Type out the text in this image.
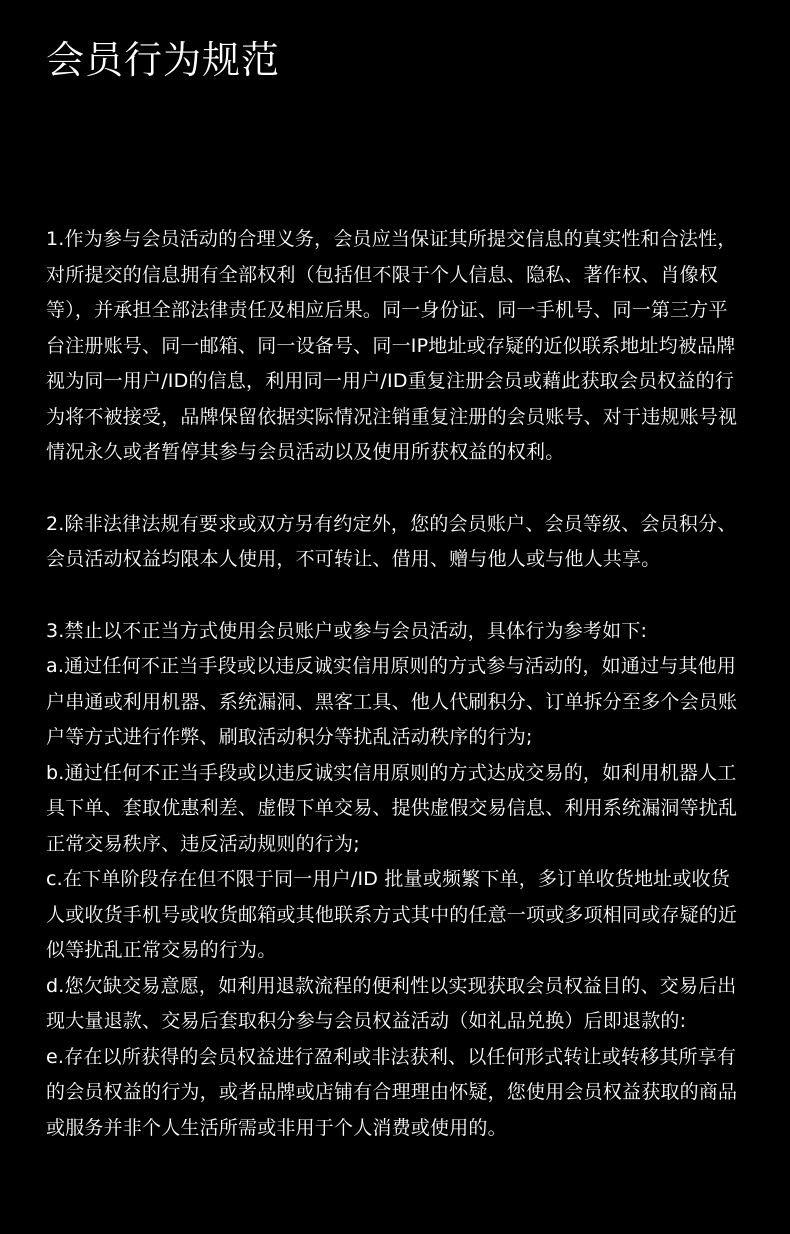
会员行为规范

1.作为参与会员活动的合理义务，会员应当保证其所提交信息的真实性和合法性，对所提交的信息拥有全部权利（包括但不限于个人信息、隐私、著作权、肖像权等），并承担全部法律责任及相应后果。同一身份证、同一手机号、同一第三方平台注册账号、同一邮箱、同一设备号、同一IP地址或存疑的近似联系地址均被品牌视为同一用户/ID的信息，利用同一用户/ID重复注册会员或藉此获取会员权益的行为将不被接受，品牌保留依据实际情况注销重复注册的会员账号、对于违规账号视情况永久或者暂停其参与会员活动以及使用所获权益的权利。

2.除非法律法规有要求或双方另有约定外，您的会员账户、会员等级、会员积分、会员活动权益均限本人使用，不可转让、借用、赠与他人或与他人共享。

3.禁止以不正当方式使用会员账户或参与会员活动，具体行为参考如下:

a.通过任何不正当手段或以违反诚实信用原则的方式参与活动的，如通过与其他用户串通或利用机器、系统漏洞、黑客工具、他人代刷积分、订单拆分至多个会员账户等方式进行作弊、刷取活动积分等扰乱活动秩序的行为;

b.通过任何不正当手段或以违反诚实信用原则的方式达成交易的，如利用机器人工具下单、套取优惠利差、虚假下单交易、提供虚假交易信息、利用系统漏洞等扰乱正常交易秩序、违反活动规则的行为;

c.在下单阶段存在但不限于同一用户/ID 批量或频繁下单，多订单收货地址或收货人或收货手机号或收货邮箱或其他联系方式其中的任意一项或多项相同或存疑的近似等扰乱正常交易的行为。

d.您欠缺交易意愿，如利用退款流程的便利性以实现获取会员权益目的、交易后出现大量退款、交易后套取积分参与会员权益活动（如礼品兑换）后即退款的:

e.存在以所获得的会员权益进行盈利或非法获利、以任何形式转让或转移其所享有的会员权益的行为，或者品牌或店铺有合理理由怀疑，您使用会员权益获取的商品或服务并非个人生活所需或非用于个人消费或使用的。
